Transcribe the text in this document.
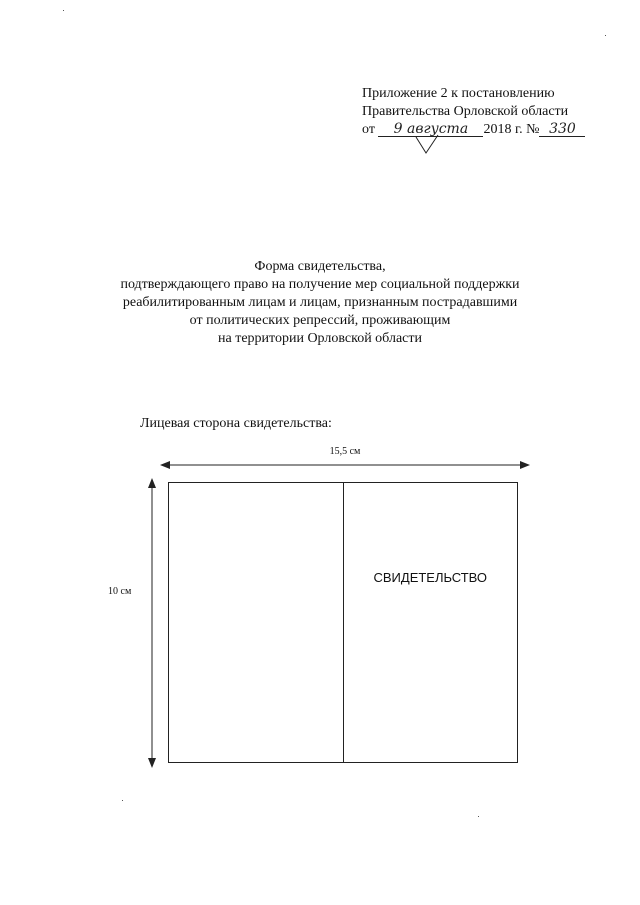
Приложение 2 к постановлению
Правительства Орловской области
от 9 августа 2018 г. № 330
Форма свидетельства,
подтверждающего право на получение мер социальной поддержки
реабилитированным лицам и лицам, признанным пострадавшими
от политических репрессий, проживающим
на территории Орловской области
Лицевая сторона свидетельства:
15,5 см
10 см
СВИДЕТЕЛЬСТВО
